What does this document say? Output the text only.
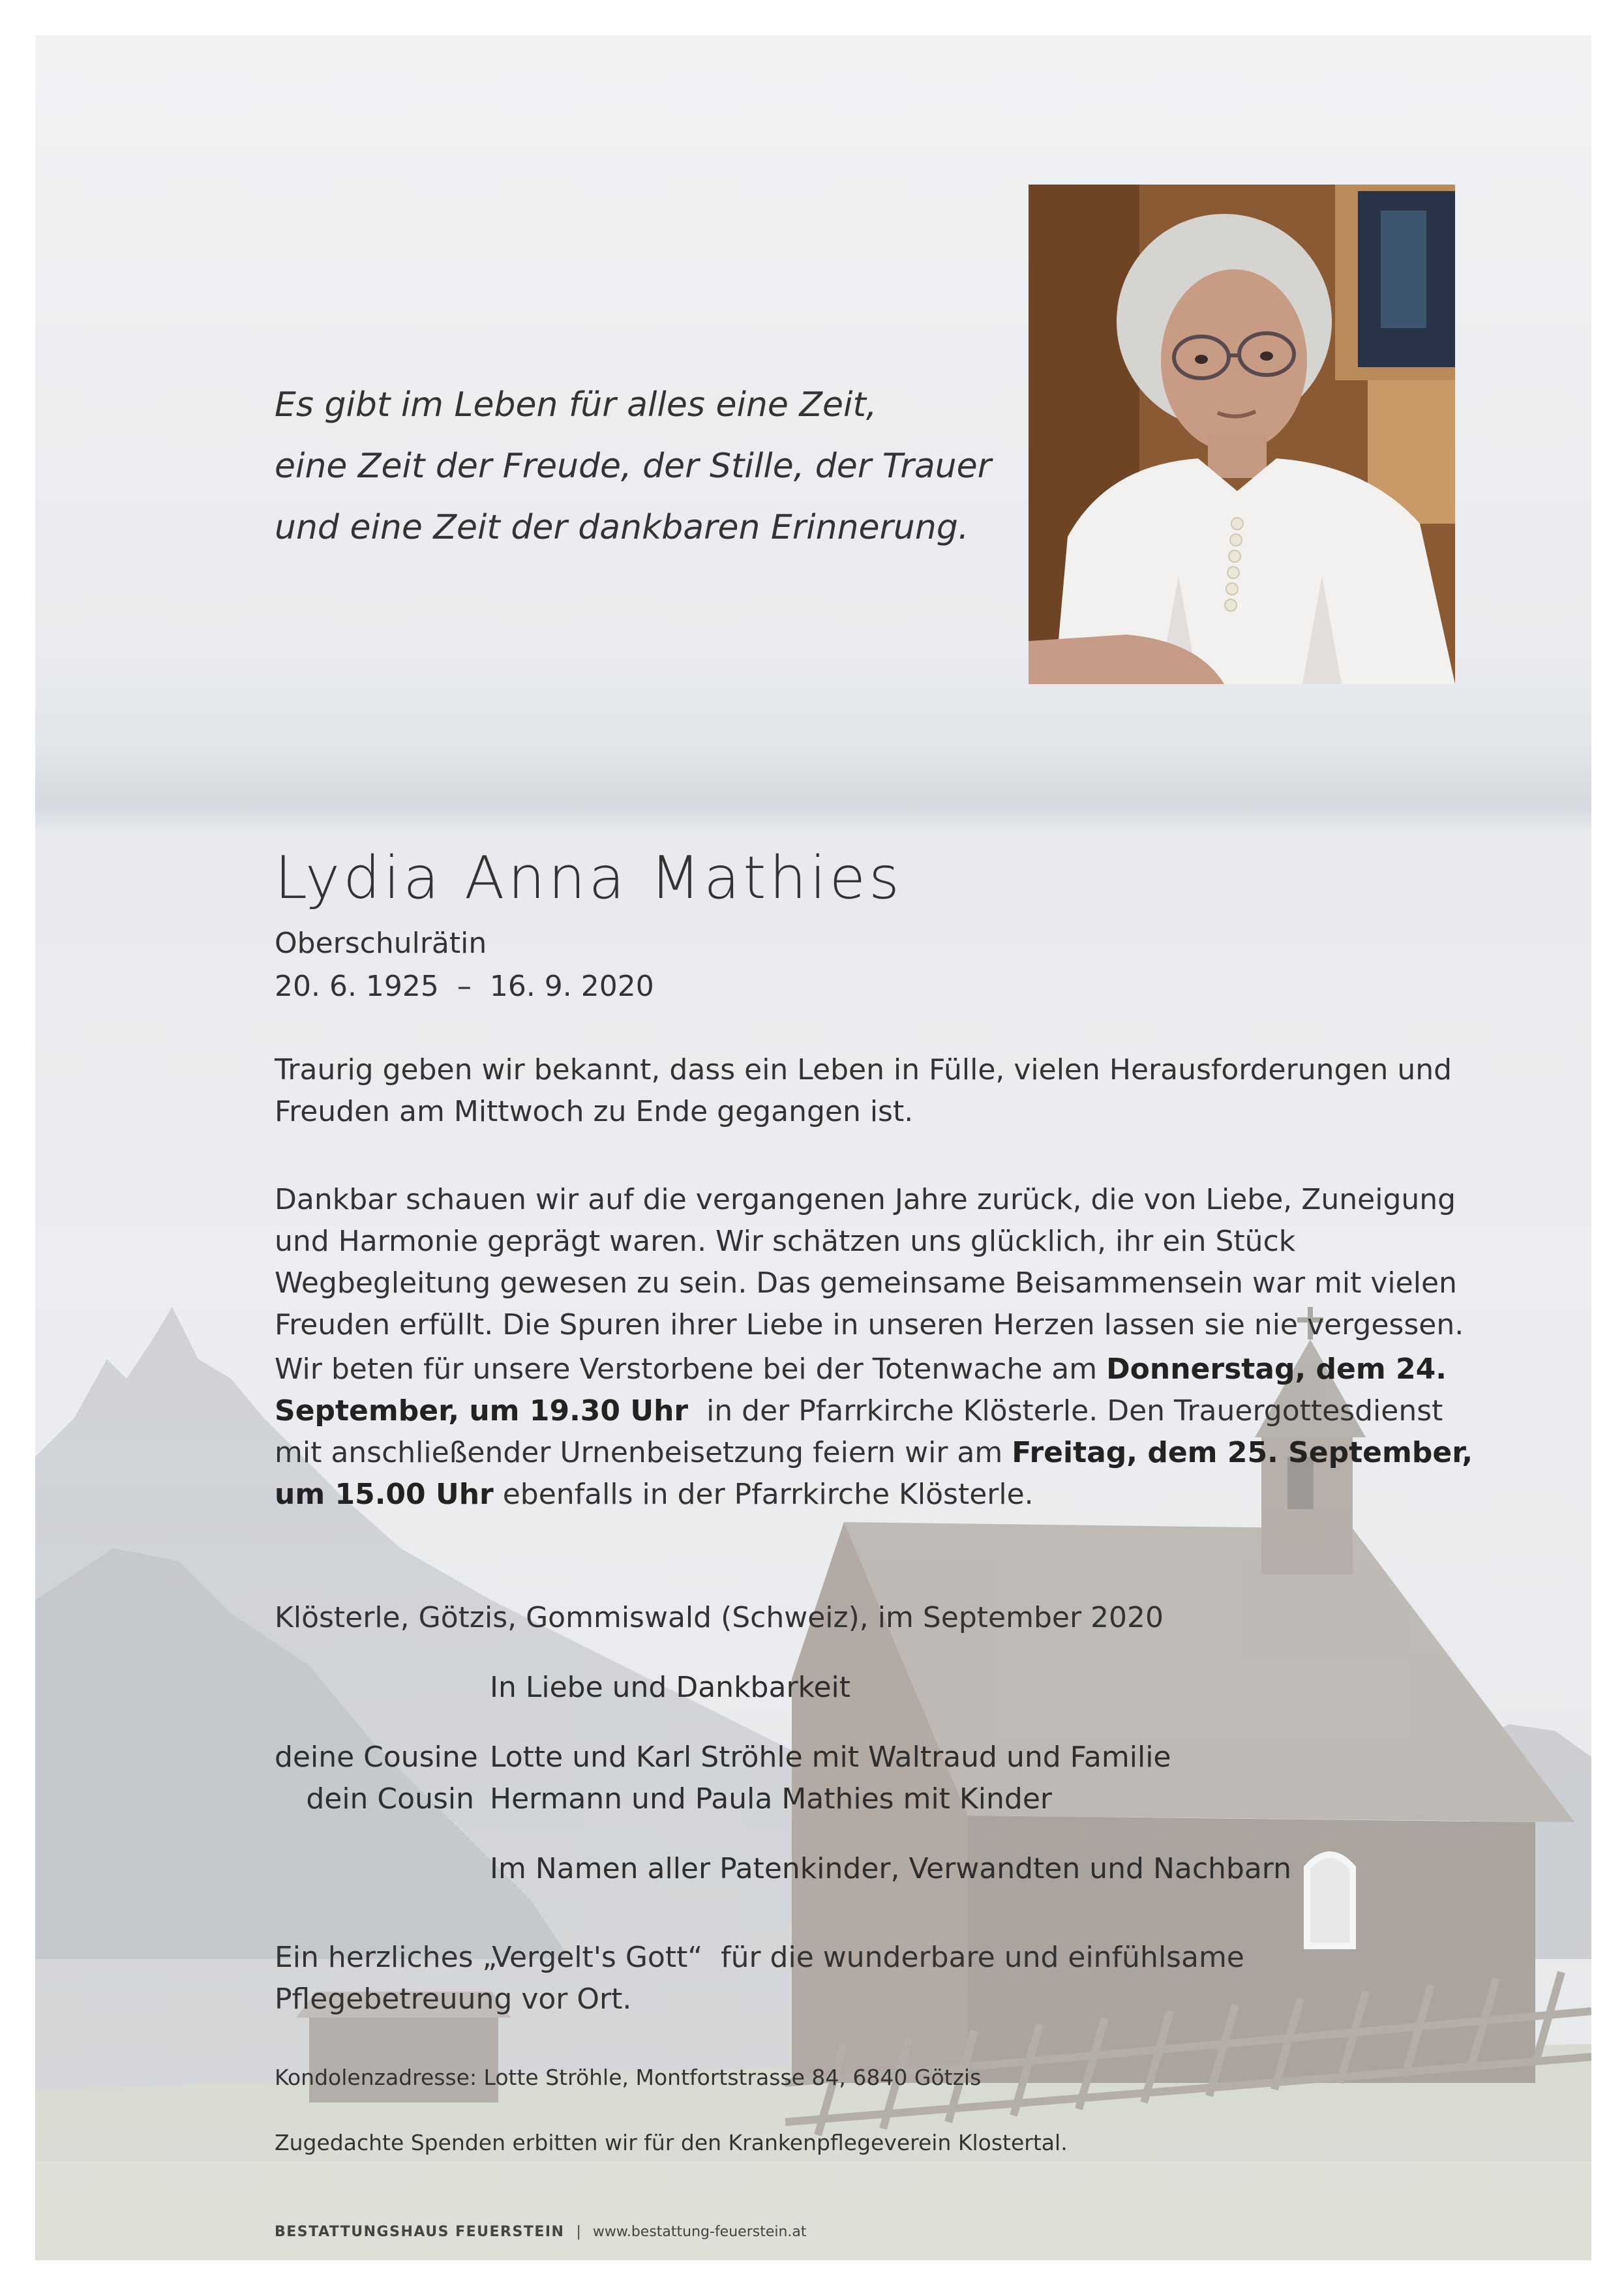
Es gibt im Leben für alles eine Zeit,
eine Zeit der Freude, der Stille, der Trauer
und eine Zeit der dankbaren Erinnerung.
Lydia Anna Mathies
Oberschulrätin
20. 6. 1925  –  16. 9. 2020

Traurig geben wir bekannt, dass ein Leben in Fülle, vielen Herausforderungen und Freuden am Mittwoch zu Ende gegangen ist.

Dankbar schauen wir auf die vergangenen Jahre zurück, die von Liebe, Zuneigung und Harmonie geprägt waren. Wir schätzen uns glücklich, ihr ein Stück Wegbegleitung gewesen zu sein. Das gemeinsame Beisammensein war mit vielen Freuden erfüllt. Die Spuren ihrer Liebe in unseren Herzen lassen sie nie vergessen.

Wir beten für unsere Verstorbene bei der Totenwache am Donnerstag, dem 24. September, um 19.30 Uhr  in der Pfarrkirche Klösterle. Den Trauergottesdienst mit anschließender Urnenbeisetzung feiern wir am Freitag, dem 25. September, um 15.00 Uhr ebenfalls in der Pfarrkirche Klösterle.

Klösterle, Götzis, Gommiswald (Schweiz), im September 2020

In Liebe und Dankbarkeit
deine Cousine Lotte und Karl Ströhle mit Waltraud und Familie
dein Cousin Hermann und Paula Mathies mit Kinder
Im Namen aller Patenkinder, Verwandten und Nachbarn

Ein herzliches „Vergelt's Gott“  für die wunderbare und einfühlsame Pflegebetreuung vor Ort.

Kondolenzadresse: Lotte Ströhle, Montfortstrasse 84, 6840 Götzis
Zugedachte Spenden erbitten wir für den Krankenpflegeverein Klostertal.
BESTATTUNGSHAUS FEUERSTEIN | www.bestattung-feuerstein.at
